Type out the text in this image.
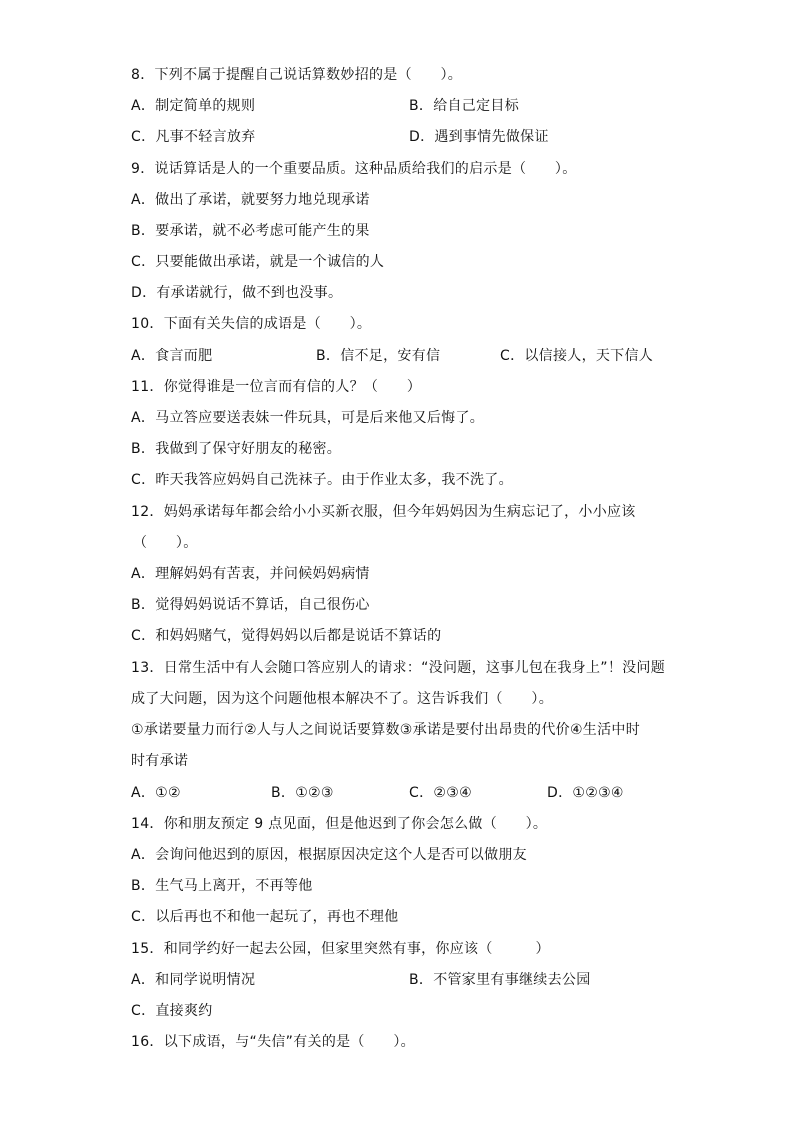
8．下列不属于提醒自己说话算数妙招的是（　　）。
A．制定简单的规则	B．给自己定目标
C．凡事不轻言放弃	D．遇到事情先做保证
9．说话算话是人的一个重要品质。这种品质给我们的启示是（　　）。
A．做出了承诺，就要努力地兑现承诺
B．要承诺，就不必考虑可能产生的果
C．只要能做出承诺，就是一个诚信的人
D．有承诺就行，做不到也没事。
10．下面有关失信的成语是（　　）。
A．食言而肥	B．信不足，安有信	C．以信接人，天下信人
11．你觉得谁是一位言而有信的人？（　　）
A．马立答应要送表妹一件玩具，可是后来他又后悔了。
B．我做到了保守好朋友的秘密。
C．昨天我答应妈妈自己洗袜子。由于作业太多，我不洗了。
12．妈妈承诺每年都会给小小买新衣服，但今年妈妈因为生病忘记了，小小应该
（　　）。
A．理解妈妈有苦衷，并问候妈妈病情
B．觉得妈妈说话不算话，自己很伤心
C．和妈妈赌气，觉得妈妈以后都是说话不算话的
13．日常生活中有人会随口答应别人的请求：“没问题，这事儿包在我身上”！没问题
成了大问题，因为这个问题他根本解决不了。这告诉我们（　　）。
①承诺要量力而行②人与人之间说话要算数③承诺是要付出昂贵的代价④生活中时
时有承诺
A．①②	B．①②③	C．②③④	D．①②③④
14．你和朋友预定 9 点见面，但是他迟到了你会怎么做（　　）。
A．会询问他迟到的原因，根据原因决定这个人是否可以做朋友
B．生气马上离开，不再等他
C．以后再也不和他一起玩了，再也不理他
15．和同学约好一起去公园，但家里突然有事，你应该（　　　）
A．和同学说明情况	B．不管家里有事继续去公园
C．直接爽约
16．以下成语，与“失信”有关的是（　　）。
